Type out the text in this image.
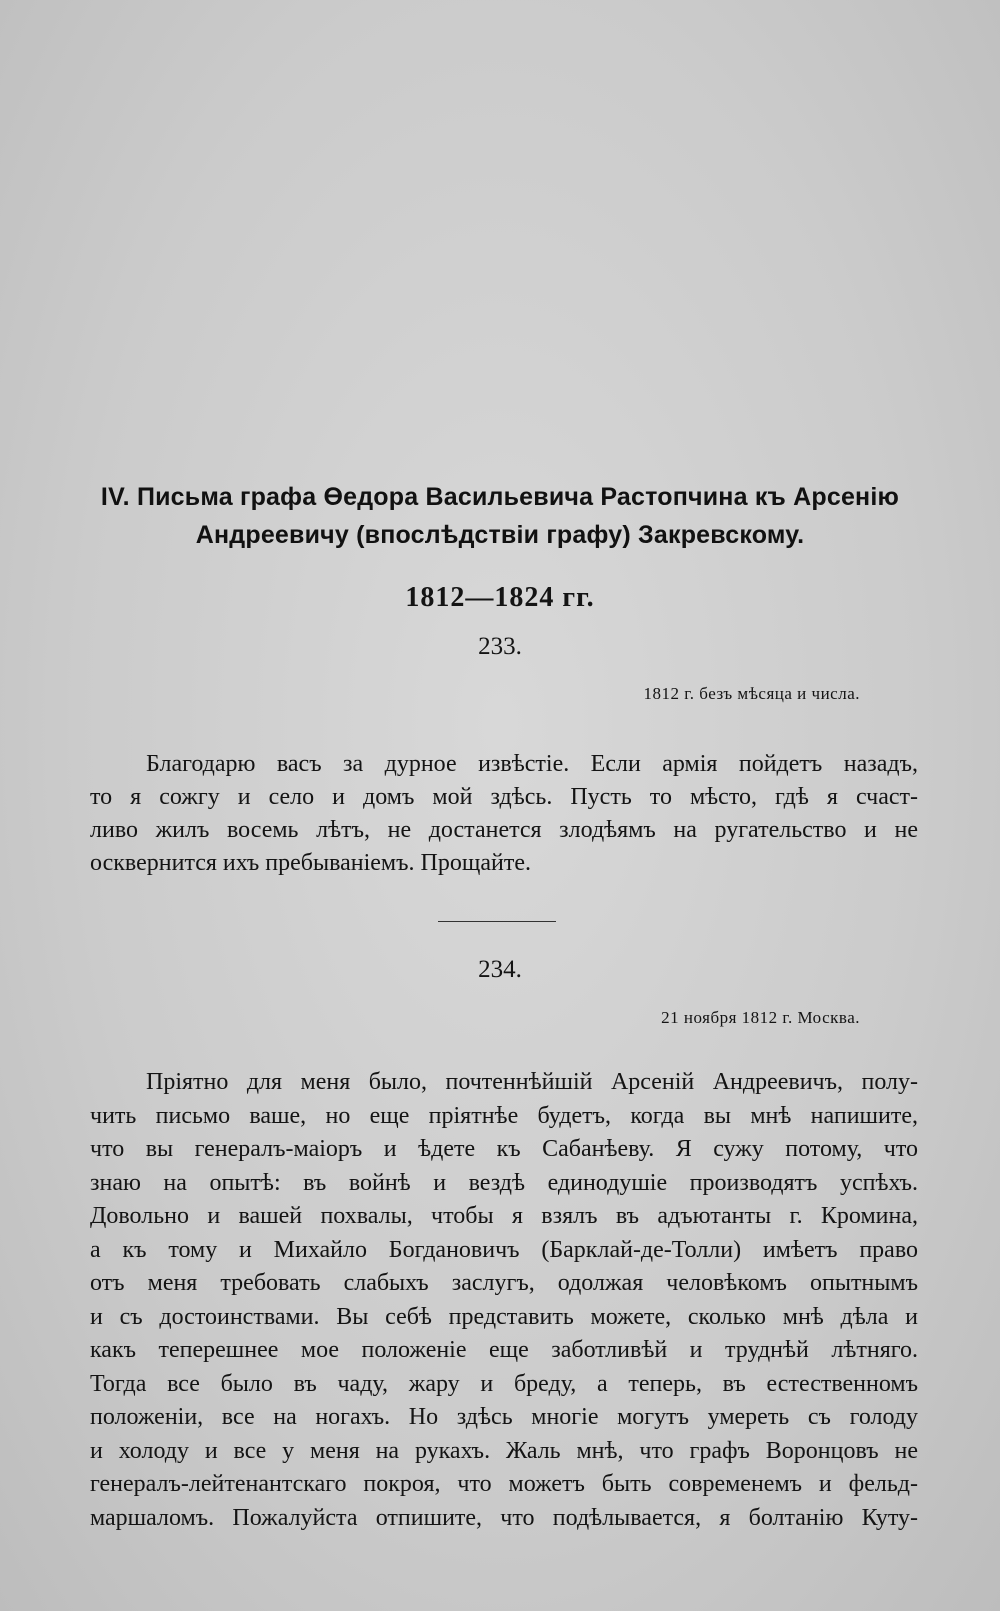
IV. Письма графа Өедора Васильевича Растопчина къ Арсенію
Андреевичу (впослѣдствіи графу) Закревскому.
1812—1824 гг.
233.
1812 г. безъ мѣсяца и числа.
Благодарю васъ за дурное извѣстіе. Если армія пойдетъ назадъ,
то я сожгу и село и домъ мой здѣсь. Пусть то мѣсто, гдѣ я счаст-
ливо жилъ восемь лѣтъ, не достанется злодѣямъ на ругательство и не
осквернится ихъ пребываніемъ. Прощайте.
234.
21 ноября 1812 г. Москва.
Пріятно для меня было, почтеннѣйшій Арсеній Андреевичъ, полу-
чить письмо ваше, но еще пріятнѣе будетъ, когда вы мнѣ напишите,
что вы генералъ-маіоръ и ѣдете къ Сабанѣеву. Я сужу потому, что
знаю на опытѣ: въ войнѣ и вездѣ единодушіе производятъ успѣхъ.
Довольно и вашей похвалы, чтобы я взялъ въ адъютанты г. Кромина,
а къ тому и Михайло Богдановичъ (Барклай-де-Толли) имѣетъ право
отъ меня требовать слабыхъ заслугъ, одолжая человѣкомъ опытнымъ
и съ достоинствами. Вы себѣ представить можете, сколько мнѣ дѣла и
какъ теперешнее мое положеніе еще заботливѣй и труднѣй лѣтняго.
Тогда все было въ чаду, жару и бреду, а теперь, въ естественномъ
положеніи, все на ногахъ. Но здѣсь многіе могутъ умереть съ голоду
и холоду и все у меня на рукахъ. Жаль мнѣ, что графъ Воронцовъ не
генералъ-лейтенантскаго покроя, что можетъ быть современемъ и фельд-
маршаломъ. Пожалуйста отпишите, что подѣлывается, я болтанію Куту-
